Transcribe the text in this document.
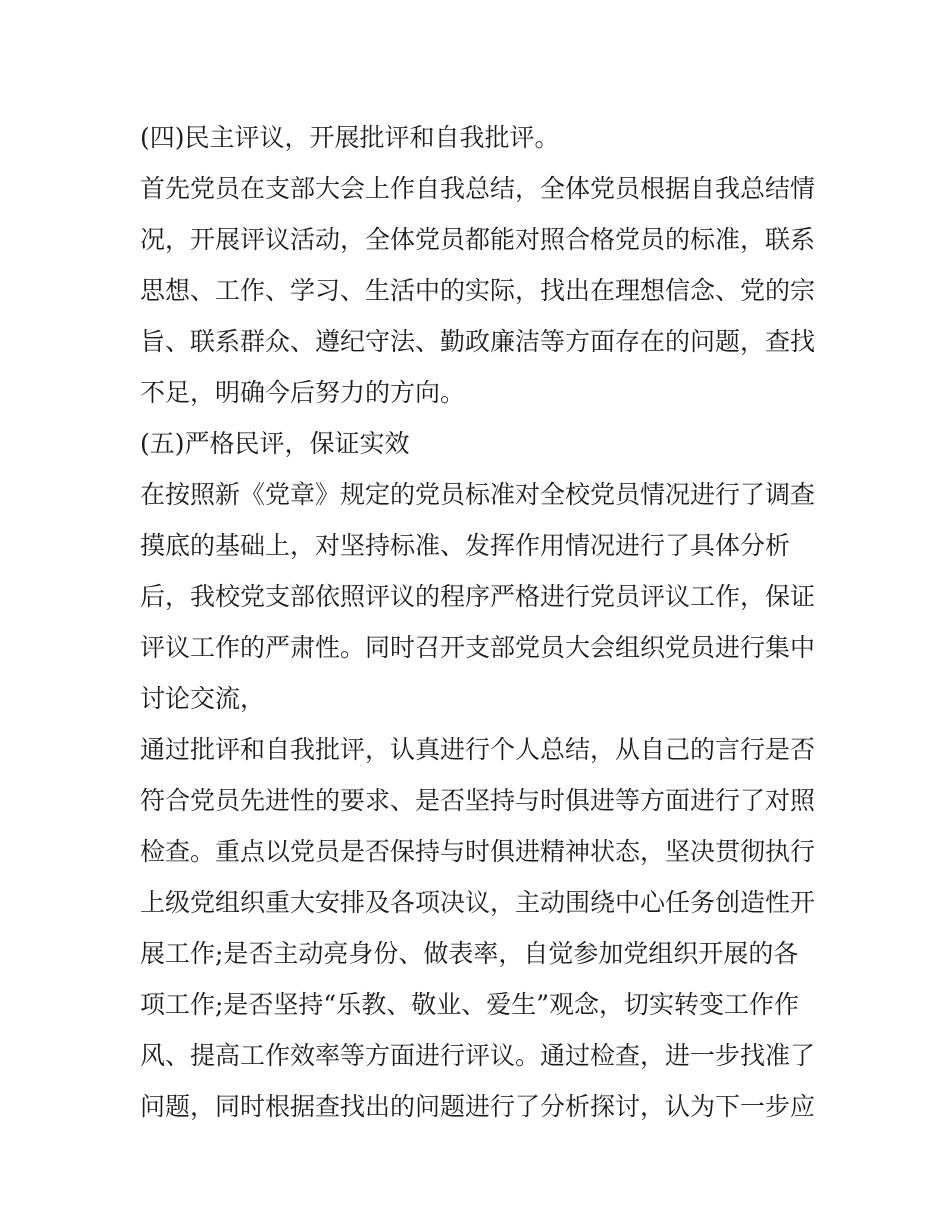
(四)民主评议，开展批评和自我批评。
首先党员在支部大会上作自我总结，全体党员根据自我总结情
况，开展评议活动，全体党员都能对照合格党员的标准，联系
思想、工作、学习、生活中的实际，找出在理想信念、党的宗
旨、联系群众、遵纪守法、勤政廉洁等方面存在的问题，查找
不足，明确今后努力的方向。
(五)严格民评，保证实效
在按照新《党章》规定的党员标准对全校党员情况进行了调查
摸底的基础上，对坚持标准、发挥作用情况进行了具体分析
后，我校党支部依照评议的程序严格进行党员评议工作，保证
评议工作的严肃性。同时召开支部党员大会组织党员进行集中
讨论交流，
通过批评和自我批评，认真进行个人总结，从自己的言行是否
符合党员先进性的要求、是否坚持与时俱进等方面进行了对照
检查。重点以党员是否保持与时俱进精神状态，坚决贯彻执行
上级党组织重大安排及各项决议，主动围绕中心任务创造性开
展工作;是否主动亮身份、做表率，自觉参加党组织开展的各
项工作;是否坚持“乐教、敬业、爱生”观念，切实转变工作作
风、提高工作效率等方面进行评议。通过检查，进一步找准了
问题，同时根据查找出的问题进行了分析探讨，认为下一步应
